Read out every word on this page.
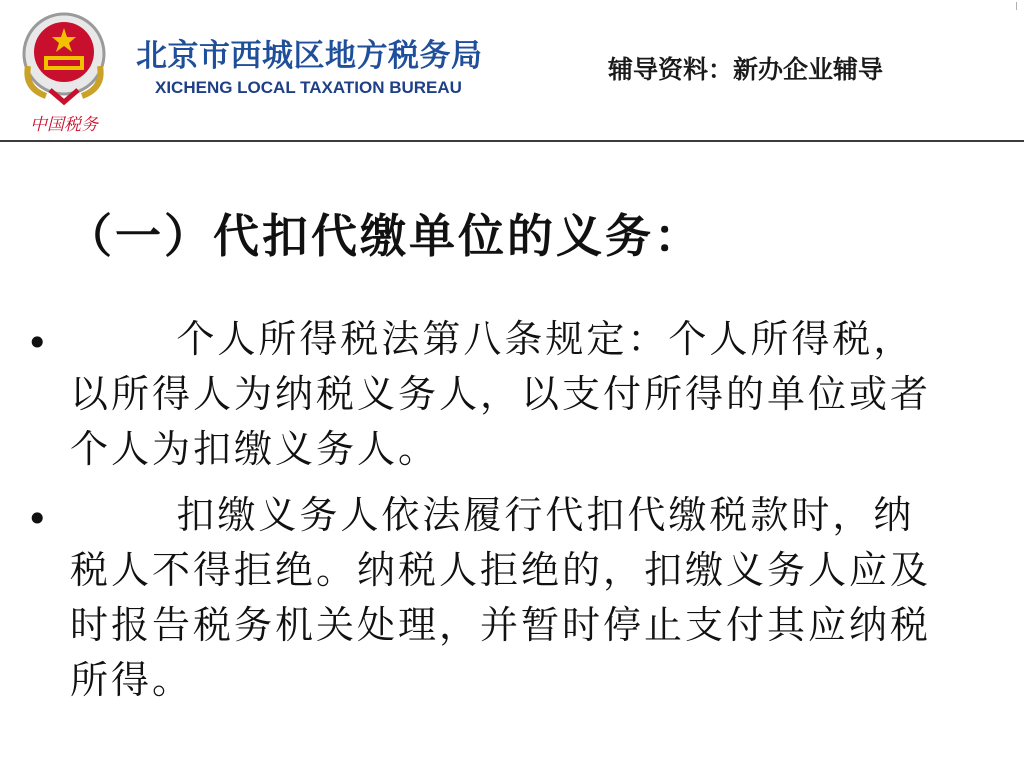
中国税务
北京市西城区地方税务局

XICHENG LOCAL TAXATION BUREAU

辅导资料：新办企业辅导

（一）代扣代缴单位的义务：
•	个人所得税法第八条规定：个人所得税，以所得人为纳税义务人，以支付所得的单位或者个人为扣缴义务人。

•	扣缴义务人依法履行代扣代缴税款时，纳税人不得拒绝。纳税人拒绝的，扣缴义务人应及时报告税务机关处理，并暂时停止支付其应纳税所得。
